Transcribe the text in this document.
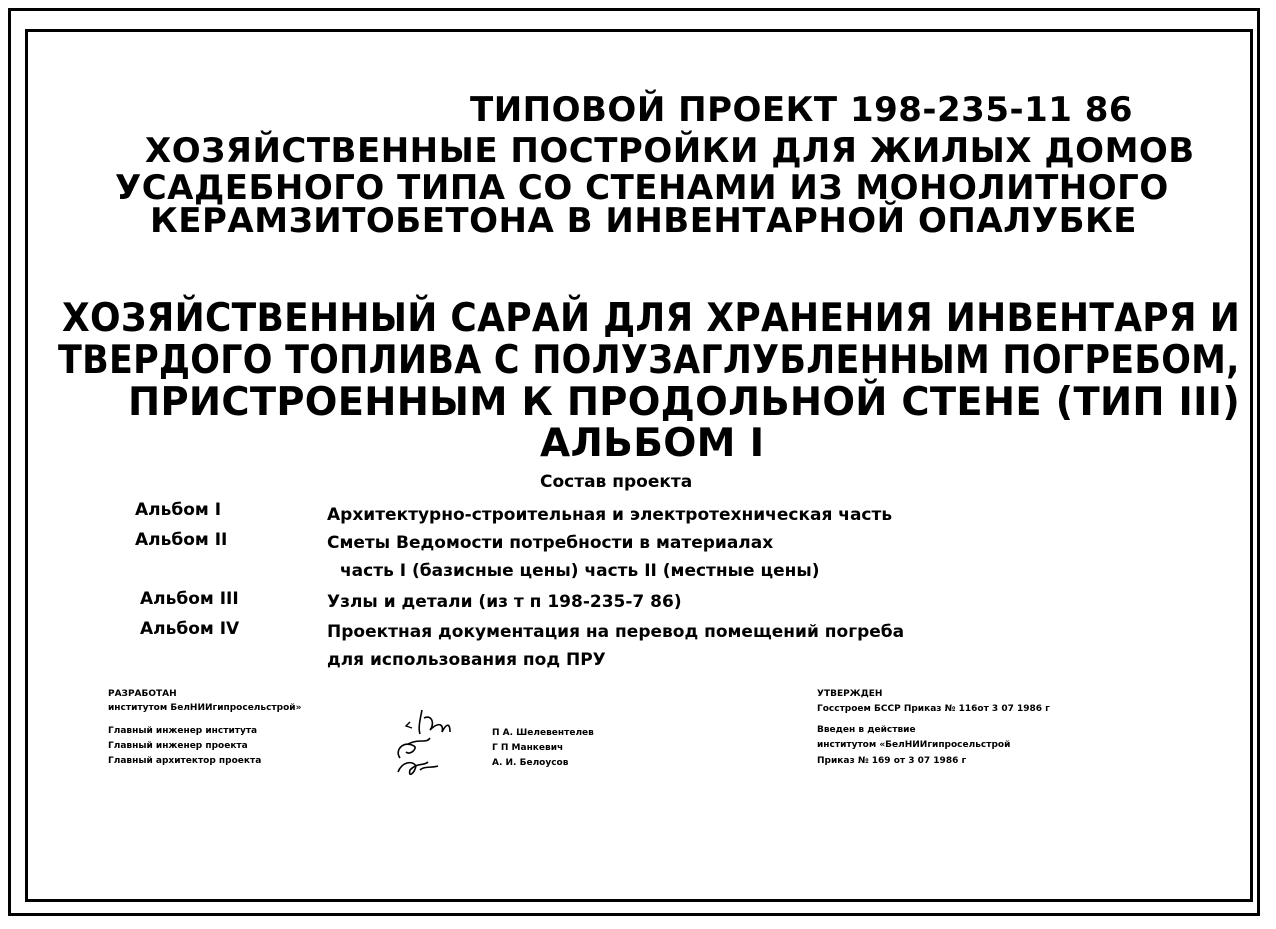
ТИПОВОЙ ПРОЕКТ 198-235-11 86
ХОЗЯЙСТВЕННЫЕ ПОСТРОЙКИ ДЛЯ ЖИЛЫХ ДОМОВ
УСАДЕБНОГО ТИПА СО СТЕНАМИ ИЗ МОНОЛИТНОГО
КЕРАМЗИТОБЕТОНА В ИНВЕНТАРНОЙ ОПАЛУБКЕ
ХОЗЯЙСТВЕННЫЙ САРАЙ ДЛЯ ХРАНЕНИЯ ИНВЕНТАРЯ И
ТВЕРДОГО ТОПЛИВА С ПОЛУЗАГЛУБЛЕННЫМ ПОГРЕБОМ,
ПРИСТРОЕННЫМ К ПРОДОЛЬНОЙ СТЕНЕ (ТИП III)
АЛЬБОМ I
Состав проекта
Альбом I	Архитектурно-строительная и электротехническая часть
Альбом II	Сметы Ведомости потребности в материалах
часть I (базисные цены) часть II (местные цены)
Альбом III	Узлы и детали (из т п 198-235-7 86)
Альбом IV	Проектная документация на перевод помещений погреба
для использования под ПРУ
РАЗРАБОТАН
институтом БелНИИгипросельстрой»
Главный инженер института
Главный инженер проекта
Главный архитектор проекта
П А. Шелевентелев
Г П Манкевич
А. И. Белоусов
УТВЕРЖДЕН
Госстроем БССР Приказ № 116от 3 07 1986 г
Введен в действие
институтом «БелНИИгипросельстрой
Приказ № 169 от 3 07 1986 г
